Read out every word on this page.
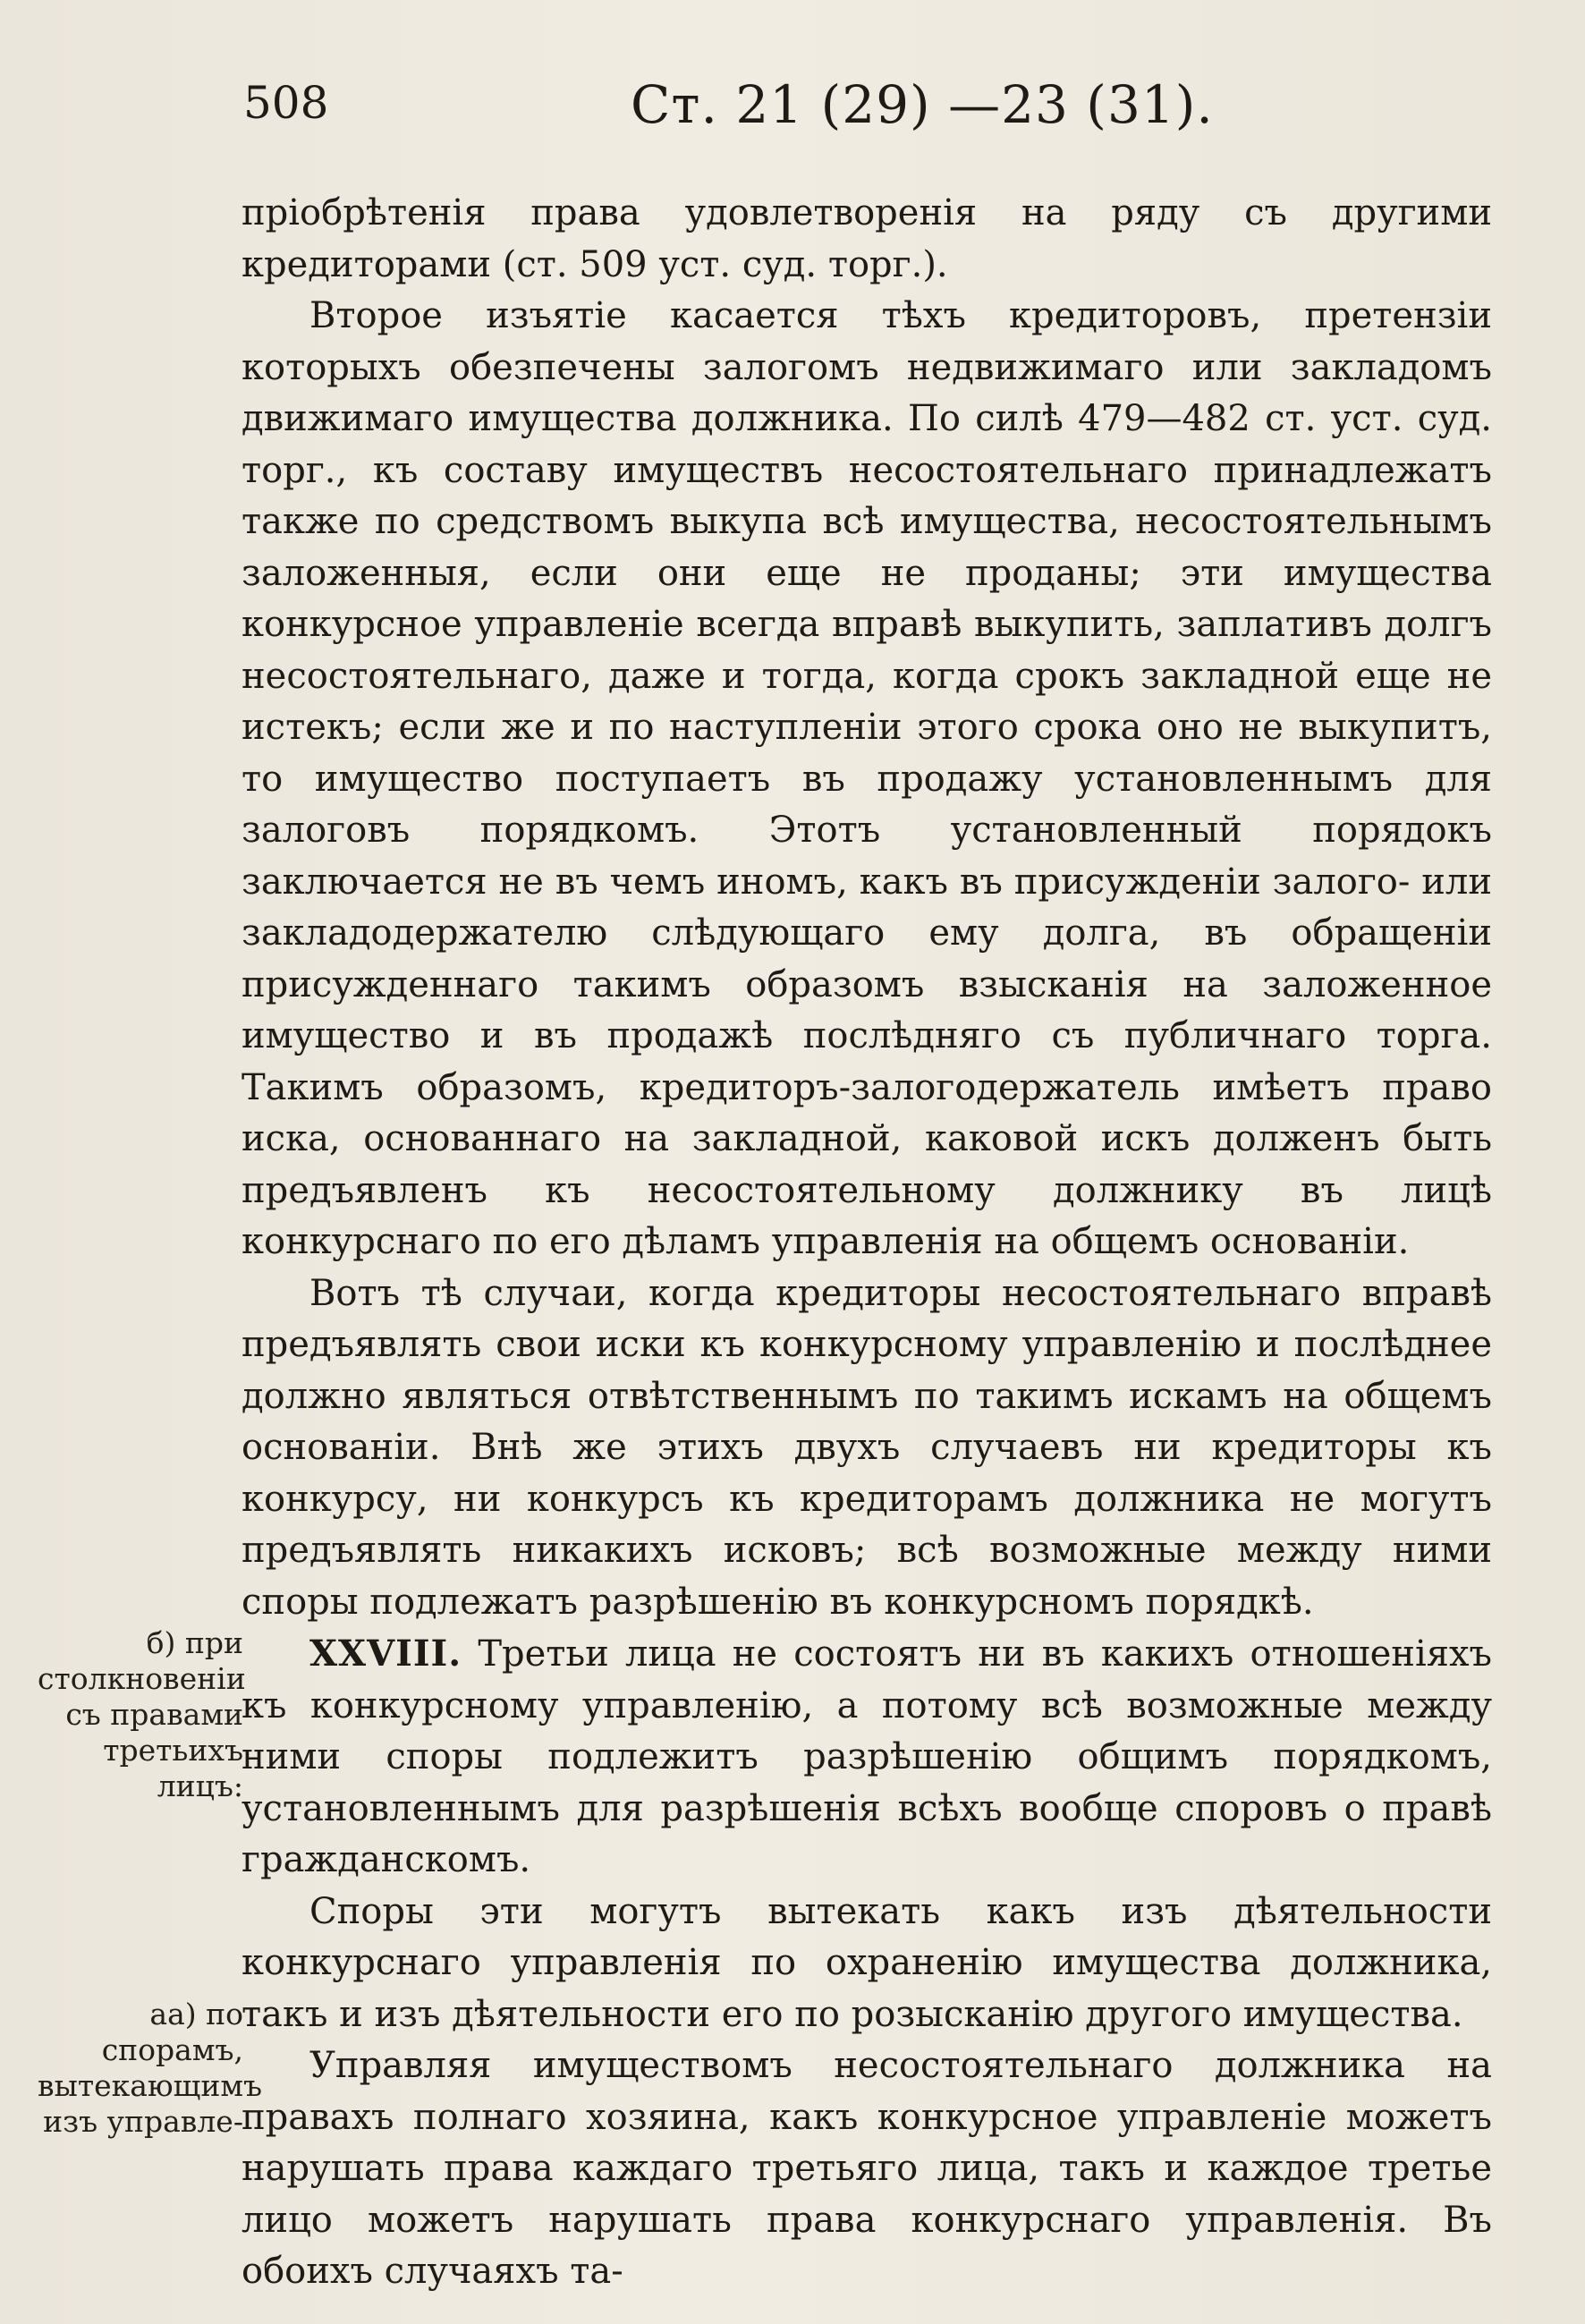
508	Ст. 21 (29) —23 (31).

пріобрѣтенія права удовлетворенія на ряду съ другими кредиторами (ст. 509 уст. суд. торг.).

Второе изъятіе касается тѣхъ кредиторовъ, претензіи которыхъ обезпечены залогомъ недвижимаго или закладомъ движимаго имущества должника. По силѣ 479—482 ст. уст. суд. торг., къ составу имуществъ несостоятельнаго принадлежатъ также по средствомъ выкупа всѣ имущества, несостоятельнымъ заложенныя, если они еще не проданы; эти имущества конкурсное управленіе всегда вправѣ выкупить, заплативъ долгъ несостоятельнаго, даже и тогда, когда срокъ закладной еще не истекъ; если же и по наступленіи этого срока оно не выкупитъ, то имущество поступаетъ въ продажу установленнымъ для залоговъ порядкомъ. Этотъ установленный порядокъ заключается не въ чемъ иномъ, какъ въ присужденіи залого- или закладодержателю слѣдующаго ему долга, въ обращеніи присужденнаго такимъ образомъ взысканія на заложенное имущество и въ продажѣ послѣдняго съ публичнаго торга. Такимъ образомъ, кредиторъ-залогодержатель имѣетъ право иска, основаннаго на закладной, каковой искъ долженъ быть предъявленъ къ несостоятельному должнику въ лицѣ конкурснаго по его дѣламъ управленія на общемъ основаніи.

Вотъ тѣ случаи, когда кредиторы несостоятельнаго вправѣ предъявлять свои иски къ конкурсному управленію и послѣднее должно являться отвѣтственнымъ по такимъ искамъ на общемъ основаніи. Внѣ же этихъ двухъ случаевъ ни кредиторы къ конкурсу, ни конкурсъ къ кредиторамъ должника не могутъ предъявлять никакихъ исковъ; всѣ возможные между ними споры подлежатъ разрѣшенію въ конкурсномъ порядкѣ.

XXVIII. Третьи лица не состоятъ ни въ какихъ отношеніяхъ къ конкурсному управленію, а потому всѣ возможные между ними споры подлежитъ разрѣшенію общимъ порядкомъ, установленнымъ для разрѣшенія всѣхъ вообще споровъ о правѣ гражданскомъ.

Споры эти могутъ вытекать какъ изъ дѣятельности конкурснаго управленія по охраненію имущества должника, такъ и изъ дѣятельности его по розысканію другого имущества.

Управляя имуществомъ несостоятельнаго должника на правахъ полнаго хозяина, какъ конкурсное управленіе можетъ нарушать права каждаго третьяго лица, такъ и каждое третье лицо можетъ нарушать права конкурснаго управленія. Въ обоихъ случаяхъ та-

б) при столкновеніи съ правами третьихъ лицъ:
аа) по спорамъ, вытекающимъ изъ управле-
